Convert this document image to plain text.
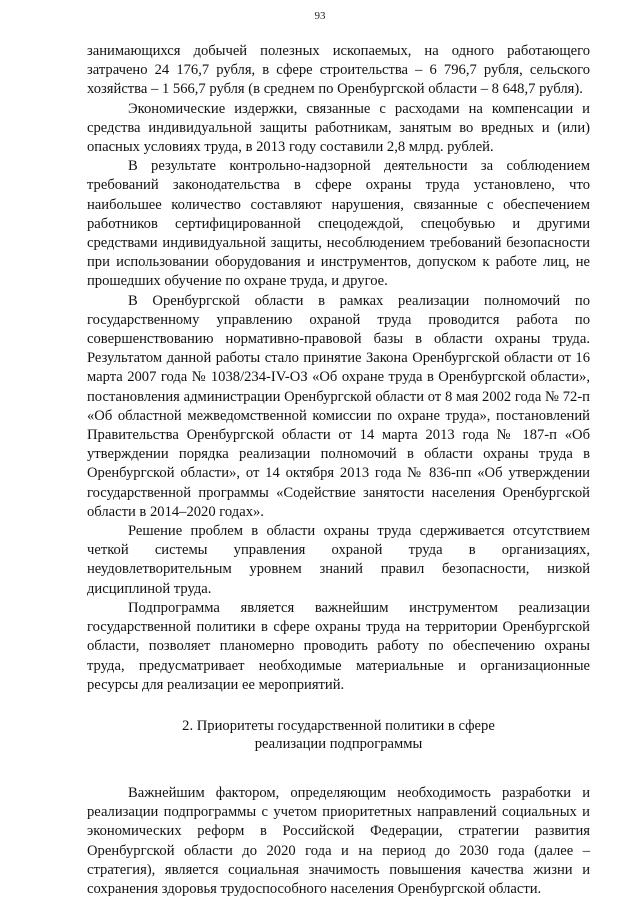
93

занимающихся добычей полезных ископаемых, на одного работающего затрачено 24 176,7 рубля, в сфере строительства – 6 796,7 рубля, сельского хозяйства – 1 566,7 рубля (в среднем по Оренбургской области – 8 648,7 рубля).

Экономические издержки, связанные с расходами на компенсации и средства индивидуальной защиты работникам, занятым во вредных и (или) опасных условиях труда, в 2013 году составили 2,8 млрд. рублей.

В результате контрольно-надзорной деятельности за соблюдением требований законодательства в сфере охраны труда установлено, что наибольшее количество составляют нарушения, связанные с обеспечением работников сертифицированной спецодеждой, спецобувью и другими средствами индивидуальной защиты, несоблюдением требований безопасности при использовании оборудования и инструментов, допуском к работе лиц, не прошедших обучение по охране труда, и другое.

В Оренбургской области в рамках реализации полномочий по государственному управлению охраной труда проводится работа по совершенствованию нормативно-правовой базы в области охраны труда. Результатом данной работы стало принятие Закона Оренбургской области от 16 марта 2007 года № 1038/234-IV-ОЗ «Об охране труда в Оренбургской области», постановления администрации Оренбургской области от 8 мая 2002 года № 72-п «Об областной межведомственной комиссии по охране труда», постановлений Правительства Оренбургской области от 14 марта 2013 года № 187-п «Об утверждении порядка реализации полномочий в области охраны труда в Оренбургской области», от 14 октября 2013 года № 836-пп «Об утверждении государственной программы «Содействие занятости населения Оренбургской области в 2014–2020 годах».

Решение проблем в области охраны труда сдерживается отсутствием четкой системы управления охраной труда в организациях, неудовлетворительным уровнем знаний правил безопасности, низкой дисциплиной труда.

Подпрограмма является важнейшим инструментом реализации государственной политики в сфере охраны труда на территории Оренбургской области, позволяет планомерно проводить работу по обеспечению охраны труда, предусматривает необходимые материальные и организационные ресурсы для реализации ее мероприятий.

2. Приоритеты государственной политики в сфере
реализации подпрограммы

Важнейшим фактором, определяющим необходимость разработки и реализации подпрограммы с учетом приоритетных направлений социальных и экономических реформ в Российской Федерации, стратегии развития Оренбургской области до 2020 года и на период до 2030 года (далее – стратегия), является социальная значимость повышения качества жизни и сохранения здоровья трудоспособного населения Оренбургской области.
